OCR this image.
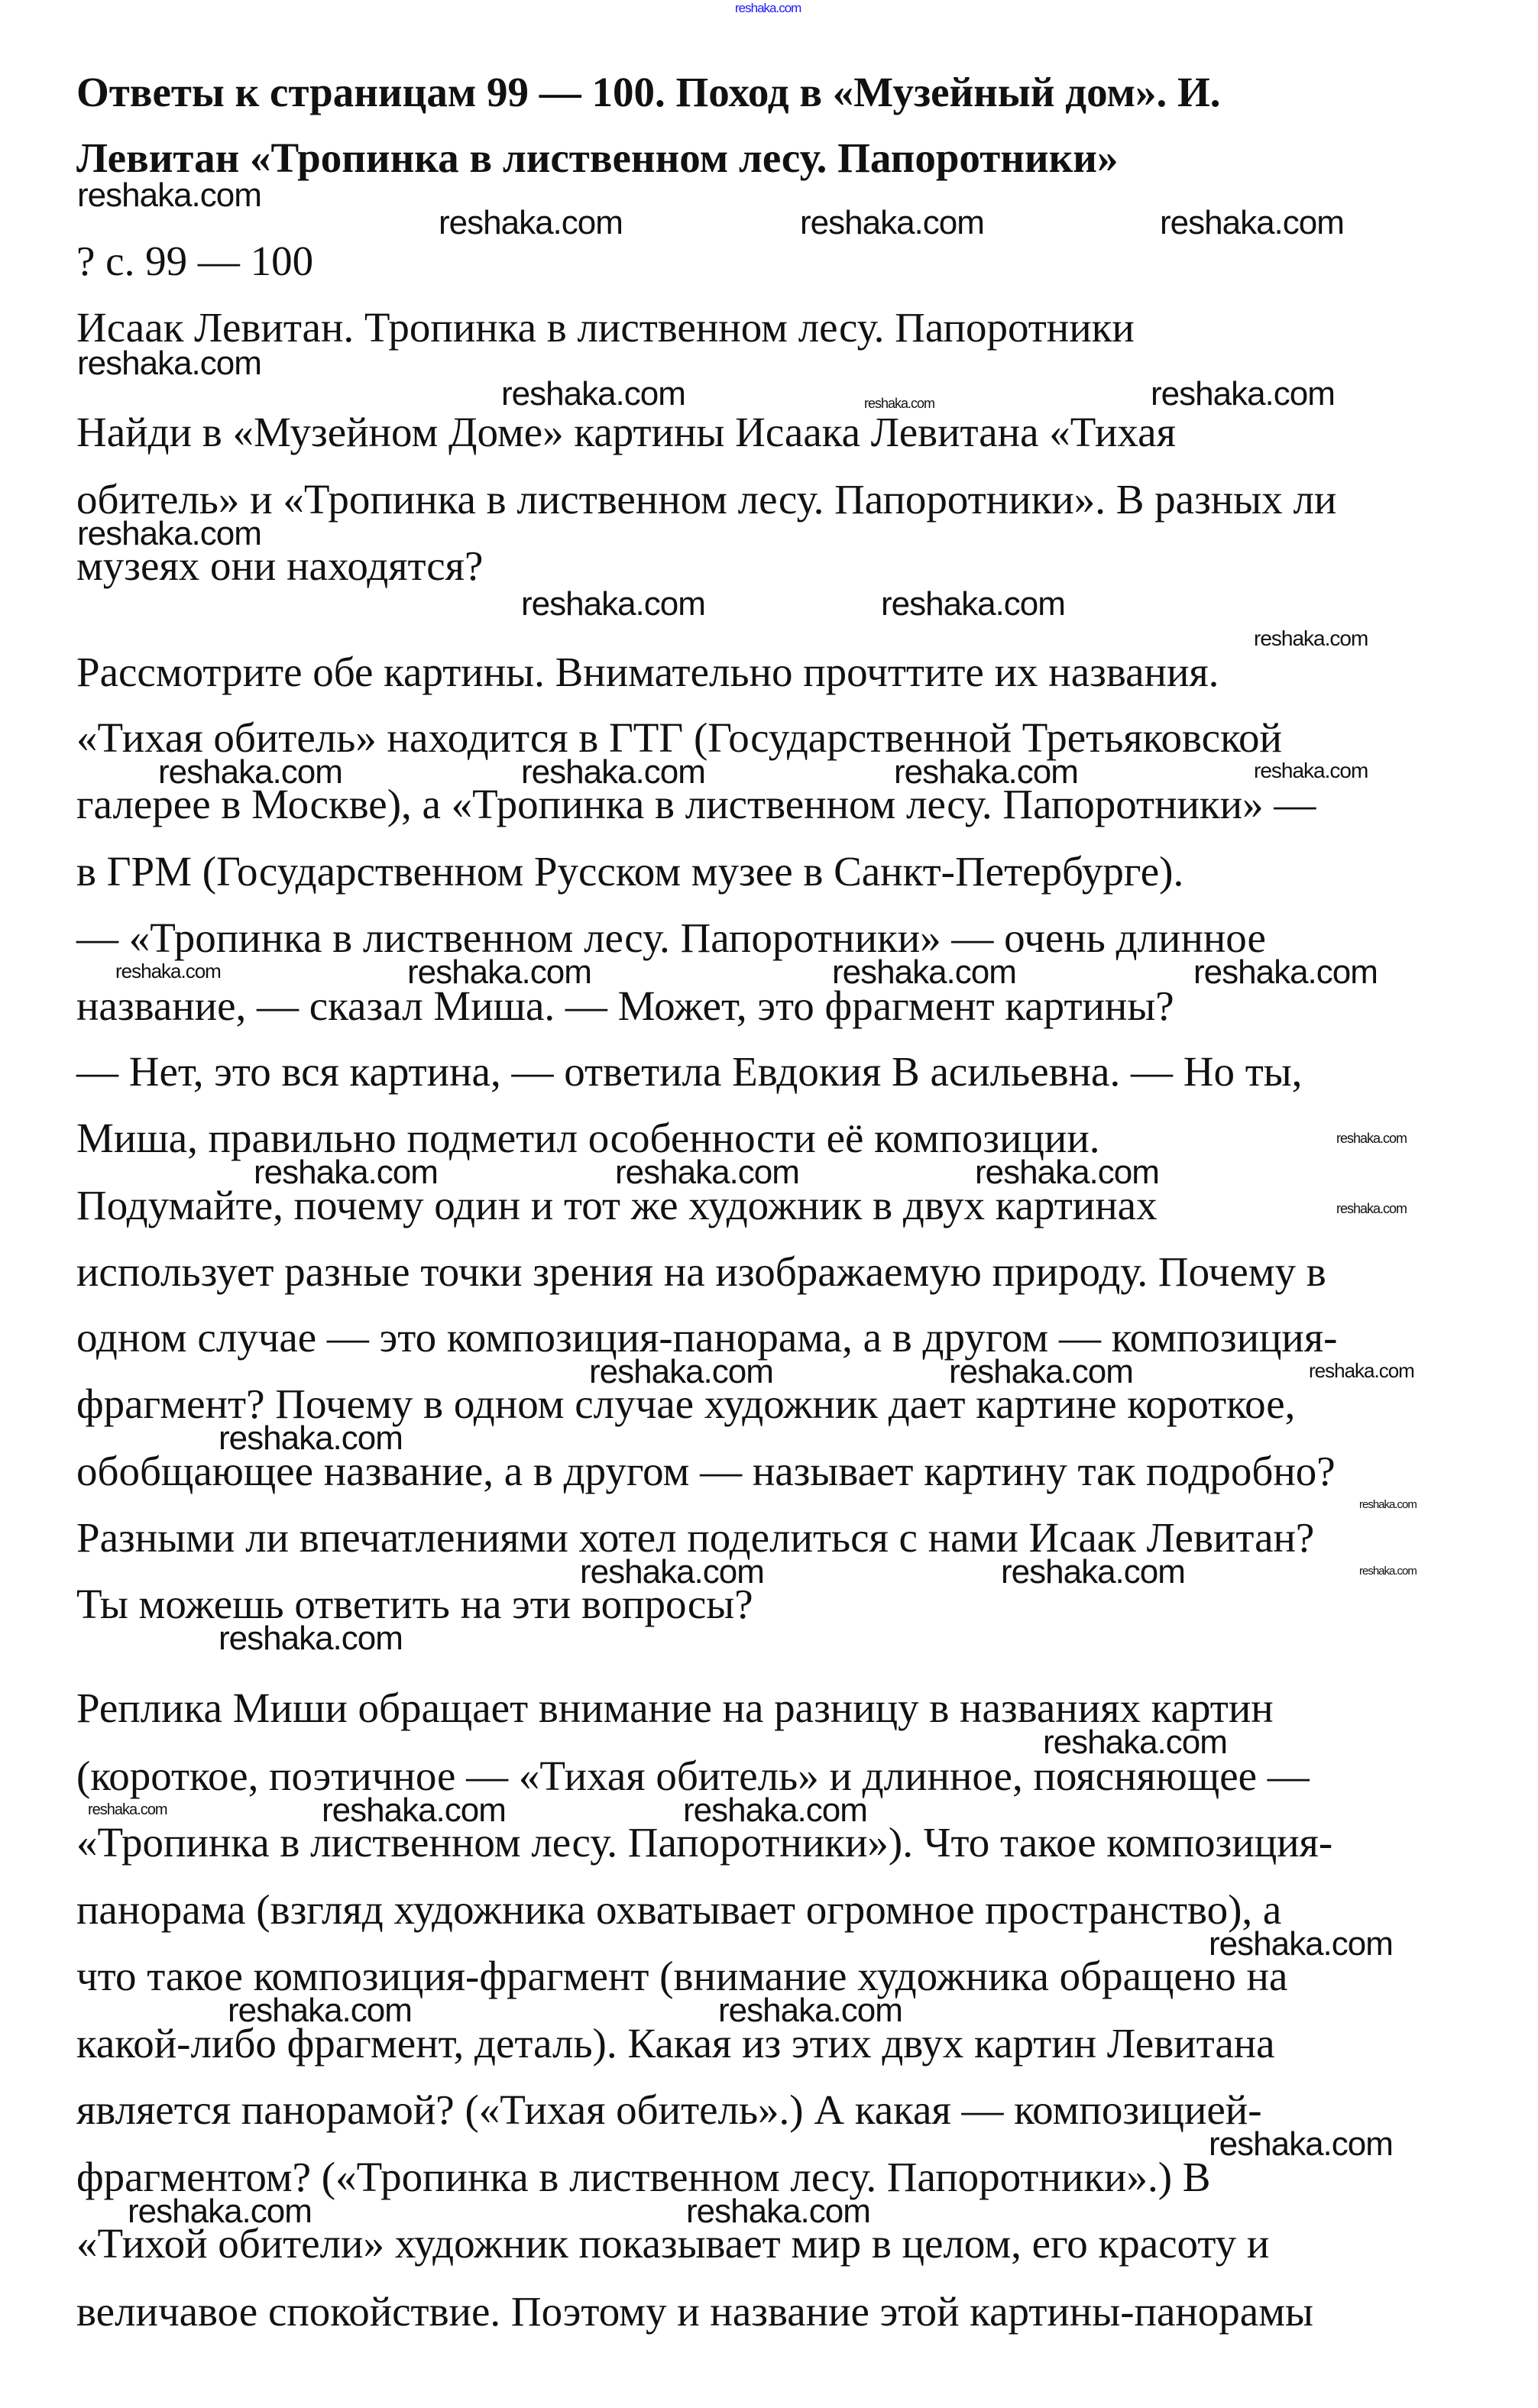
reshaka.com
Ответы к страницам 99 — 100. Поход в «Музейный дом». И.
Левитан «Тропинка в лиственном лесу. Папоротники»
? с. 99 — 100
Исаак Левитан. Тропинка в лиственном лесу. Папоротники
Найди в «Музейном Доме» картины Исаака Левитана «Тихая
обитель» и «Тропинка в лиственном лесу. Папоротники». В разных ли
музеях они находятся?
Рассмотрите обе картины. Внимательно прочттите их названия.
«Тихая обитель» находится в ГТГ (Государственной Третьяковской
галерее в Москве), а «Тропинка в лиственном лесу. Папоротники» —
в ГРМ (Государственном Русском музее в Санкт-Петербурге).
— «Тропинка в лиственном лесу. Папоротники» — очень длинное
название, — сказал Миша. — Может, это фрагмент картины?
— Нет, это вся картина, — ответила Евдокия В асильевна. — Но ты,
Миша, правильно подметил особенности её композиции.
Подумайте, почему один и тот же художник в двух картинах
использует разные точки зрения на изображаемую природу. Почему в
одном случае — это композиция-панорама, а в другом — композиция-
фрагмент? Почему в одном случае художник дает картине короткое,
обобщающее название, а в другом — называет картину так подробно?
Разными ли впечатлениями хотел поделиться с нами Исаак Левитан?
Ты можешь ответить на эти вопросы?
Реплика Миши обращает внимание на разницу в названиях картин
(короткое, поэтичное — «Тихая обитель» и длинное, поясняющее —
«Тропинка в лиственном лесу. Папоротники»). Что такое композиция-
панорама (взгляд художника охватывает огромное пространство), а
что такое композиция-фрагмент (внимание художника обращено на
какой-либо фрагмент, деталь). Какая из этих двух картин Левитана
является панорамой? («Тихая обитель».) А какая — композицией-
фрагментом? («Тропинка в лиственном лесу. Папоротники».) В
«Тихой обители» художник показывает мир в целом, его красоту и
величавое спокойствие. Поэтому и название этой картины-панорамы
reshaka.com
reshaka.com	reshaka.com	reshaka.com
reshaka.com
reshaka.com	reshaka.com
reshaka.com
reshaka.com	reshaka.com
reshaka.com	reshaka.com	reshaka.com
reshaka.com	reshaka.com	reshaka.com
reshaka.com	reshaka.com	reshaka.com
reshaka.com	reshaka.com
reshaka.com
reshaka.com	reshaka.com
reshaka.com
reshaka.com
reshaka.com	reshaka.com
reshaka.com
reshaka.com	reshaka.com
reshaka.com
reshaka.com	reshaka.com
reshaka.com
reshaka.com
reshaka.com
reshaka.com
reshaka.com
reshaka.com
reshaka.com
reshaka.com
reshaka.com
reshaka.com
